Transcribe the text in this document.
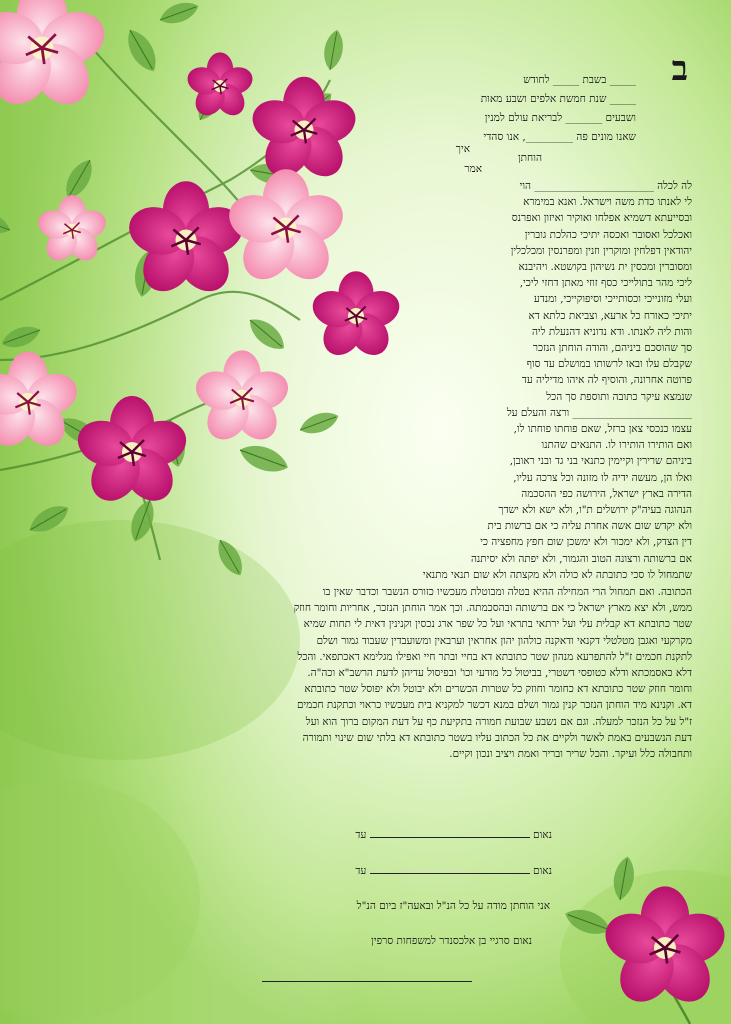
ב
_____ בשבת _____ לחודש
_____ שנת חמשת אלפים ושבע מאות
ושבעים _______ לבריאת עולם למנין
שאנו מונים פה _________, אנו סהדי
איך
הוחתן
אמר
לה לכלה _______________________ הוי
לי לאנתו כדת משה וישראל. ואנא במימרא
ובסייעתא דשמיא אפלחו ואוקיר ואיזון ואפרנס
ואכלכל ואסובר ואכסה יתיכי כהלכת גוברין
יהודאין דפלחין ומוקרין וזנין ומפרנסין ומכלכלין
ומסוברין ומכסין ית נשיהון בקושטא. ויהיבנא
ליכי מהר בתולייכי כסף זוזי מאתן דחזי ליכי,
ועלי מזונייכי וכסותייכי וסיפוקייכי, ומנדע
יתיכי כאורח כל ארעא, וצביאת כלתא דא
והות ליה לאנתו. ודא נדוניא דהנעלת ליה
סך שהוסכם ביניהם, והודה הוחתן הנזכר
שקבלם עלו ובאו לרשותו במושלם עד סוף
פרוטה אחרונה, והוסיף לה איהו מדיליה עד
שנמצא עיקר כתובה ותוספת סך הכל
_______________________ ורצה והעלם על
עצמו כנכסי צאן ברזל, שאם פוחתו פוחתו לו,
ואם הותירו הותירו לו. התנאים שהתנו
ביניהם שרירין וקיימין כתנאי בני גד ובני ראובן,
ואלו הן, מעשה ידיה לו מזונה וכל צרכה עליו,
הדירה בארץ ישראל, הירושה כפי ההסכמה
הנהוגה בעיה"ק ירושלים ת"ו, ולא ישא ולא ישדך
ולא יקדש שום אשה אחרת עליה כי אם ברשות בית
דין הצדק, ולא ימכור ולא ימשכן שום חפץ מחפציה כי
אם ברשותה ורצונה הטוב והגמור, ולא יפתה ולא יסיתנה
שתמחול לו סכי כתובתה לא כולה ולא מקצתה ולא שום תנאי מתנאי
הכתובה. ואם תמחול הרי המחילה ההיא בטלה ומבוטלת מעכשיו כזורס הנשבר וכדבר שאין בו
ממש, ולא יצא מארץ ישראל כי אם ברשותה ובהסכמתה. וכך אמר הוחתן הנזכר, אחריות וחומר חוזק
שטר כתובתא דא קבלית עלי ועל ירתאי בתראי ועל כל שפר ארג נכסין וקנינין דאית לי תחות שמיא
מקרקעי ואגבן מטלטלי דקנאי ודאקנה כולהון יהון אחראין וערבאין ומשועבדין שעבוד גמור ושלם
לתקנת חכמים ז"ל להתפרעא מנהון שטר כתובתא דא בחיי ובתר חיי ואפילו מגלימא דאכתפאי. והכל
דלא כאסמכתא ודלא כטופסי דשטרי, בביטול כל מודעי וכו' ובפיסול עדיהן לדעת הרשב"א וכה"ה.
וחומר חוזק שטר כתובתא דא כחומר וחוזק כל שטרות הכשרים ולא יבוטל ולא יפוסל שטר כתובתא
דא. וקנינא מיד הוחתן הנזכר קנין גמור ושלם במנא דכשר למקניא בית מעכשיו כראוי וכתקנת חכמים
ז"ל על כל הנזכר למעלה. וגם אם נשבע שבועת חמורה בתקיעת כף על דעת המקום ברוך הוא ועל
דעת הנשבעים באמת לאשר ולקיים את כל הכתוב עליו בשטר כתובתא דא בלתי שום שינוי ותמורה
ותחבולה כלל ועיקר. והכל שריר ובריר ואמת ויציב ונכון וקיים.
נאום  עד
נאום  עד
אני הוחתן מודה על כל הנ"ל ובאעה"ז ביום הנ"ל
נאום סרגיי בן אלכסנדר למשפחות סרפין
